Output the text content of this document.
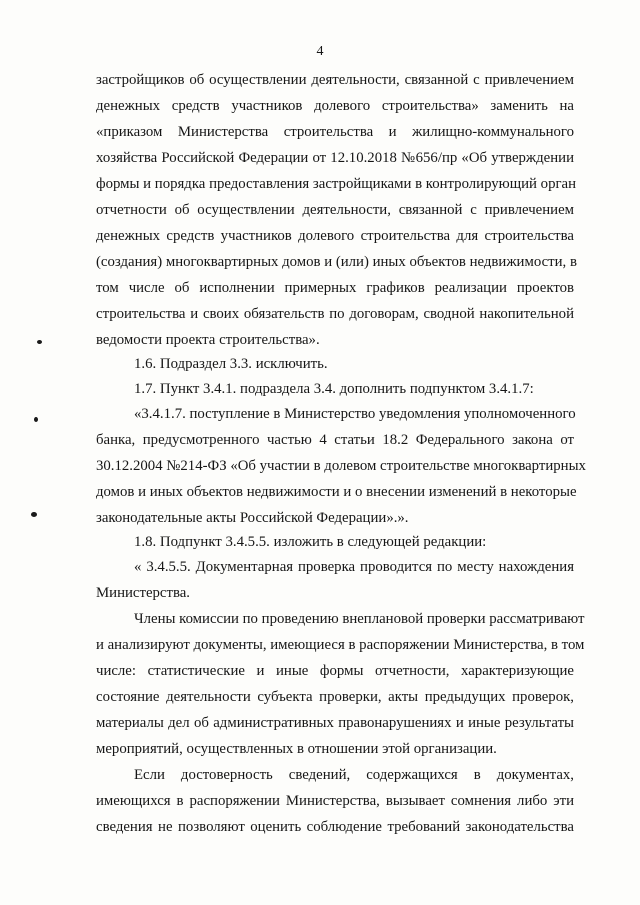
4
застройщиков об осуществлении деятельности, связанной с привлечением
денежных средств участников долевого строительства» заменить на
«приказом Министерства строительства и жилищно-коммунального
хозяйства Российской Федерации от 12.10.2018 №656/пр «Об утверждении
формы и порядка предоставления застройщиками в контролирующий орган
отчетности об осуществлении деятельности, связанной с привлечением
денежных средств участников долевого строительства для строительства
(создания) многоквартирных домов и (или) иных объектов недвижимости, в
том числе об исполнении примерных графиков реализации проектов
строительства и своих обязательств по договорам, сводной накопительной
ведомости проекта строительства».
1.6. Подраздел 3.3. исключить.
1.7. Пункт 3.4.1. подраздела 3.4. дополнить подпунктом 3.4.1.7:
«3.4.1.7. поступление в Министерство уведомления уполномоченного
банка, предусмотренного частью 4 статьи 18.2 Федерального закона от
30.12.2004 №214-ФЗ «Об участии в долевом строительстве многоквартирных
домов и иных объектов недвижимости и о внесении изменений в некоторые
законодательные акты Российской Федерации».».
1.8. Подпункт 3.4.5.5. изложить в следующей редакции:
« 3.4.5.5. Документарная проверка проводится по месту нахождения
Министерства.
Члены комиссии по проведению внеплановой проверки рассматривают
и анализируют документы, имеющиеся в распоряжении Министерства, в том
числе: статистические и иные формы отчетности, характеризующие
состояние деятельности субъекта проверки, акты предыдущих проверок,
материалы дел об административных правонарушениях и иные результаты
мероприятий, осуществленных в отношении этой организации.
Если достоверность сведений, содержащихся в документах,
имеющихся в распоряжении Министерства, вызывает сомнения либо эти
сведения не позволяют оценить соблюдение требований законодательства
